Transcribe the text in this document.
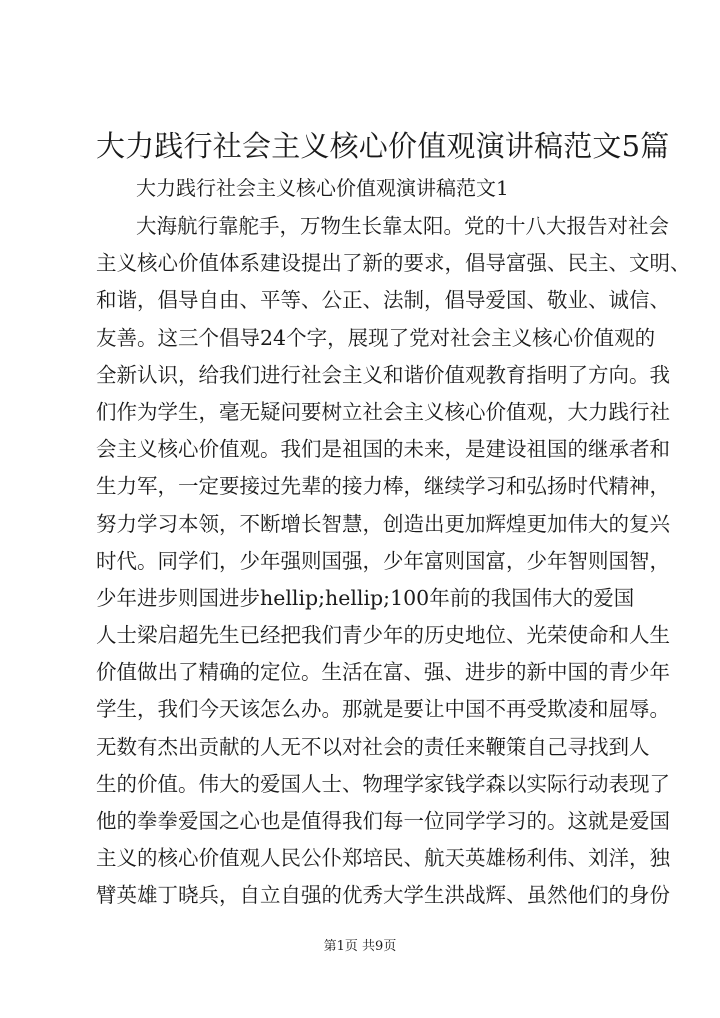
大力践行社会主义核心价值观演讲稿范文5篇
大力践行社会主义核心价值观演讲稿范文1
大海航行靠舵手，万物生长靠太阳。党的十八大报告对社会
主义核心价值体系建设提出了新的要求，倡导富强、民主、文明、
和谐，倡导自由、平等、公正、法制，倡导爱国、敬业、诚信、
友善。这三个倡导24个字，展现了党对社会主义核心价值观的
全新认识，给我们进行社会主义和谐价值观教育指明了方向。我
们作为学生，毫无疑问要树立社会主义核心价值观，大力践行社
会主义核心价值观。我们是祖国的未来，是建设祖国的继承者和
生力军，一定要接过先辈的接力棒，继续学习和弘扬时代精神，
努力学习本领，不断增长智慧，创造出更加辉煌更加伟大的复兴
时代。同学们，少年强则国强，少年富则国富，少年智则国智，
少年进步则国进步hellip;hellip;100年前的我国伟大的爱国
人士梁启超先生已经把我们青少年的历史地位、光荣使命和人生
价值做出了精确的定位。生活在富、强、进步的新中国的青少年
学生，我们今天该怎么办。那就是要让中国不再受欺凌和屈辱。
无数有杰出贡献的人无不以对社会的责任来鞭策自己寻找到人
生的价值。伟大的爱国人士、物理学家钱学森以实际行动表现了
他的拳拳爱国之心也是值得我们每一位同学学习的。这就是爱国
主义的核心价值观人民公仆郑培民、航天英雄杨利伟、刘洋，独
臂英雄丁晓兵，自立自强的优秀大学生洪战辉、虽然他们的身份
第1页 共9页
